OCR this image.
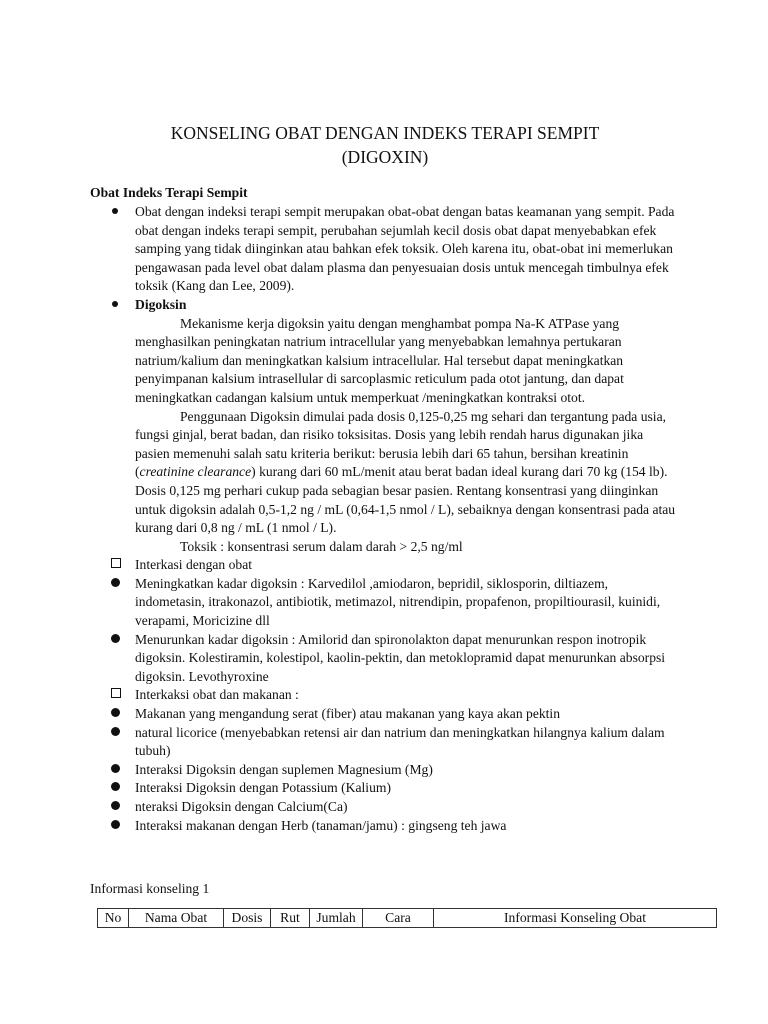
KONSELING OBAT DENGAN INDEKS TERAPI SEMPIT
(DIGOXIN)
Obat Indeks Terapi Sempit
Obat dengan indeksi terapi sempit merupakan obat-obat dengan batas keamanan yang sempit. Pada obat dengan indeks terapi sempit, perubahan sejumlah kecil dosis obat dapat menyebabkan efek samping yang tidak diinginkan atau bahkan efek toksik. Oleh karena itu, obat-obat ini memerlukan pengawasan pada level obat dalam plasma dan penyesuaian dosis untuk mencegah timbulnya efek toksik (Kang dan Lee, 2009).
Digoksin
Mekanisme kerja digoksin yaitu dengan menghambat pompa Na-K ATPase yang menghasilkan peningkatan natrium intracellular yang menyebabkan lemahnya pertukaran natrium/kalium dan meningkatkan kalsium intracellular. Hal tersebut dapat meningkatkan penyimpanan kalsium intrasellular di sarcoplasmic reticulum pada otot jantung, dan dapat meningkatkan cadangan kalsium untuk memperkuat /meningkatkan kontraksi otot.
Penggunaan Digoksin dimulai pada dosis 0,125-0,25 mg sehari dan tergantung pada usia, fungsi ginjal, berat badan, dan risiko toksisitas. Dosis yang lebih rendah harus digunakan jika pasien memenuhi salah satu kriteria berikut: berusia lebih dari 65 tahun, bersihan kreatinin (creatinine clearance) kurang dari 60 mL/menit atau berat badan ideal kurang dari 70 kg (154 lb). Dosis 0,125 mg perhari cukup pada sebagian besar pasien. Rentang konsentrasi yang diinginkan untuk digoksin adalah 0,5-1,2 ng / mL (0,64-1,5 nmol / L), sebaiknya dengan konsentrasi pada atau kurang dari 0,8 ng / mL (1 nmol / L).
Toksik : konsentrasi serum dalam darah > 2,5 ng/ml
Interkasi dengan obat
Meningkatkan kadar digoksin : Karvedilol ,amiodaron, bepridil, siklosporin, diltiazem, indometasin, itrakonazol, antibiotik, metimazol, nitrendipin, propafenon, propiltiourasil, kuinidi, verapami, Moricizine dll
Menurunkan kadar digoksin : Amilorid dan spironolakton dapat menurunkan respon inotropik digoksin. Kolestiramin, kolestipol, kaolin-pektin, dan metoklopramid dapat menurunkan absorpsi digoksin. Levothyroxine
Interkaksi obat dan makanan :
Makanan yang mengandung serat (fiber) atau makanan yang kaya akan pektin
natural licorice (menyebabkan retensi air dan natrium dan meningkatkan hilangnya kalium dalam tubuh)
Interaksi Digoksin dengan suplemen Magnesium (Mg)
Interaksi Digoksin dengan Potassium (Kalium)
nteraksi Digoksin dengan Calcium(Ca)
Interaksi makanan dengan Herb (tanaman/jamu) : gingseng teh jawa
Informasi konseling 1
No	Nama Obat	Dosis	Rut	Jumlah	Cara	Informasi Konseling Obat
